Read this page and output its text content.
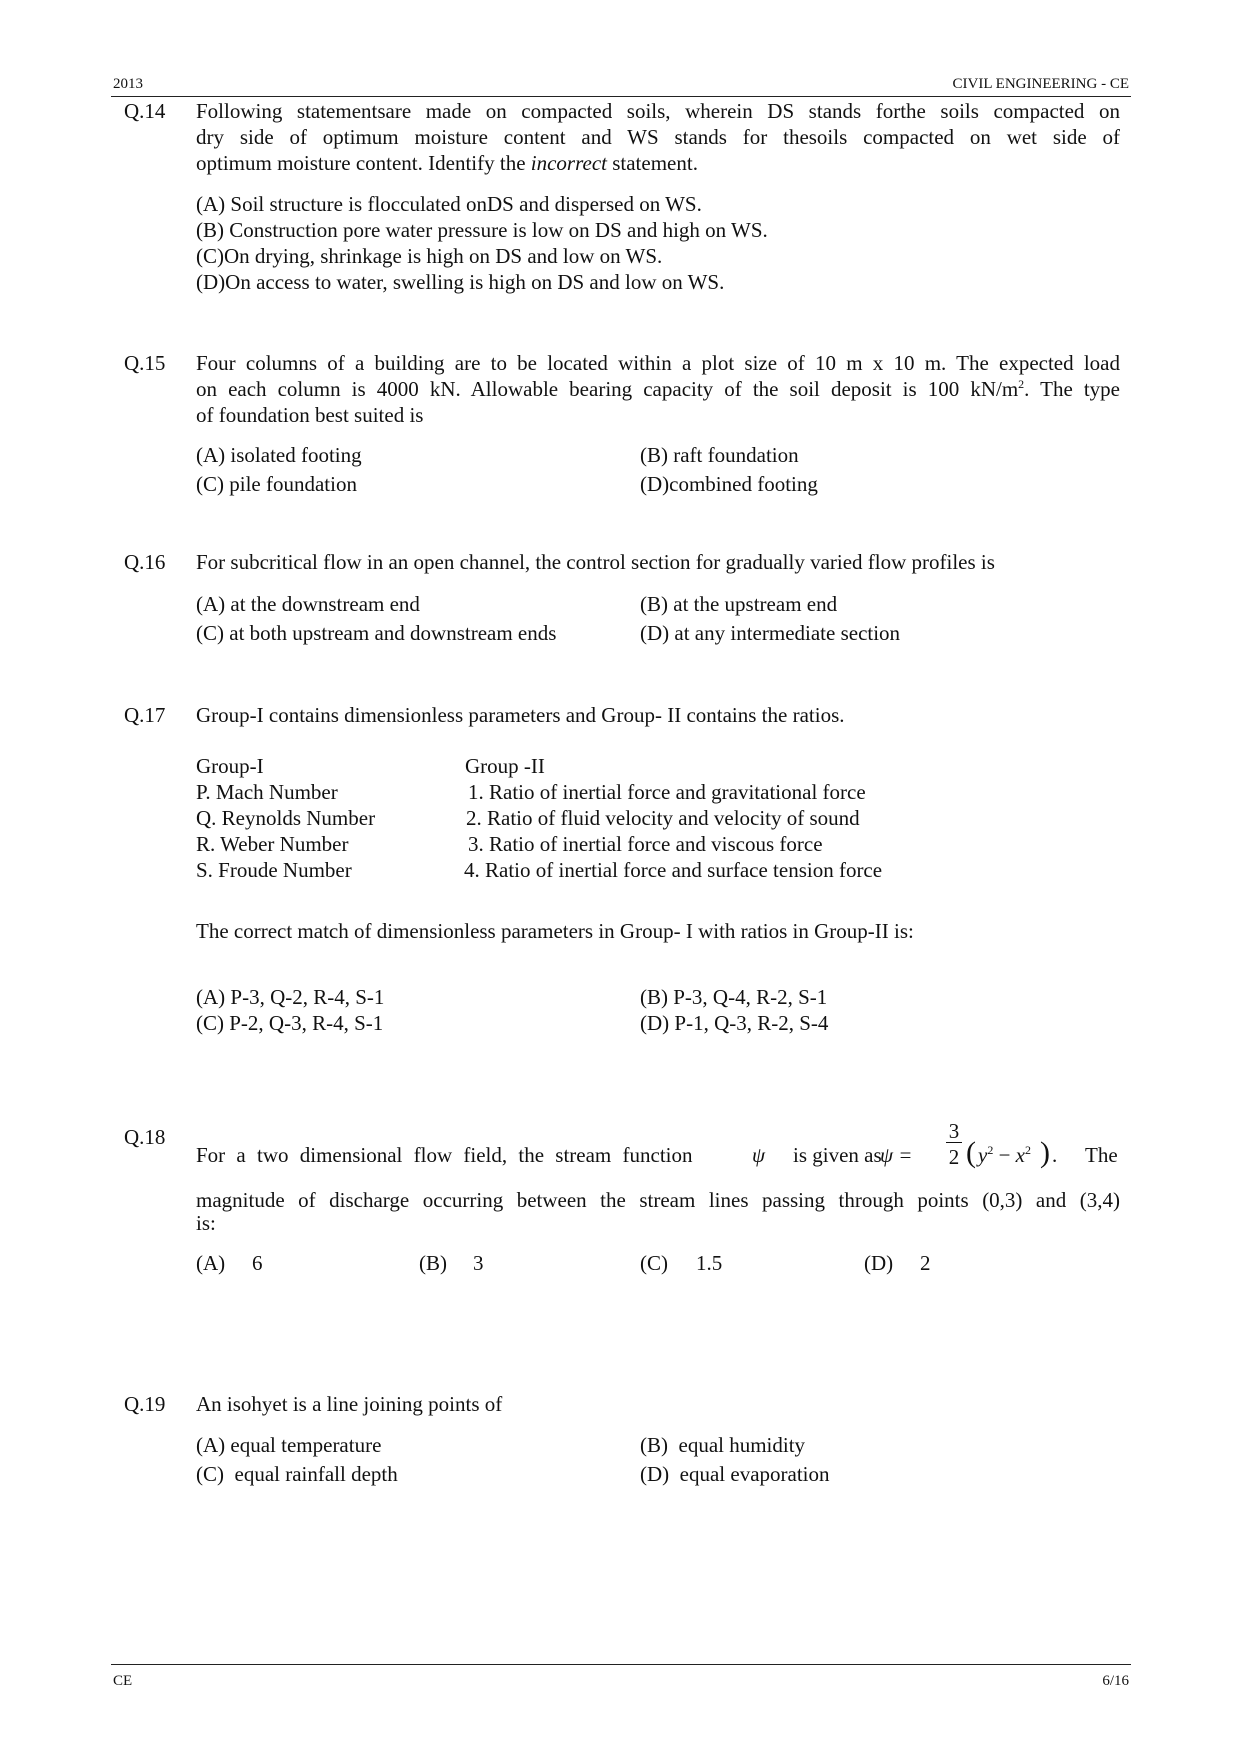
2013	CIVIL ENGINEERING - CE
Q.14 Following statementsare made on compacted soils, wherein DS stands forthe soils compacted on
dry side of optimum moisture content and WS stands for thesoils compacted on wet side of
optimum moisture content. Identify the incorrect statement.
(A) Soil structure is flocculated onDS and dispersed on WS.
(B) Construction pore water pressure is low on DS and high on WS.
(C)On drying, shrinkage is high on DS and low on WS.
(D)On access to water, swelling is high on DS and low on WS.
Q.15 Four columns of a building are to be located within a plot size of 10 m x 10 m. The expected load
on each column is 4000 kN. Allowable bearing capacity of the soil deposit is 100 $kN/m^2$. The type
of foundation best suited is
(A) isolated footing	(B) raft foundation
(C) pile foundation	(D)combined footing
Q.16 For subcritical flow in an open channel, the control section for gradually varied flow profiles is
(A) at the downstream end	(B) at the upstream end
(C) at both upstream and downstream ends	(D) at any intermediate section
Q.17 Group-I contains dimensionless parameters and Group- II contains the ratios.
Group-I	Group -II
P. Mach Number	1. Ratio of inertial force and gravitational force
Q. Reynolds Number	2. Ratio of fluid velocity and velocity of sound
R. Weber Number	3. Ratio of inertial force and viscous force
S. Froude Number	4. Ratio of inertial force and surface tension force
The correct match of dimensionless parameters in Group- I with ratios in Group-II is:
(A) P-3, Q-2, R-4, S-1	(B) P-3, Q-4, R-2, S-1
(C) P-2, Q-3, R-4, S-1	(D) P-1, Q-3, R-2, S-4
Q.18
For a two dimensional flow field, the stream function	ψ is given as
ψ =
3
2 ( $y^2 - x^2$ ) . The
magnitude of discharge occurring between the stream lines passing through points (0,3) and (3,4)
is:
(A) 6	(B) 3	(C) 1.5	(D) 2
Q.19 An isohyet is a line joining points of
(A) equal temperature	(B)  equal humidity
(C)  equal rainfall depth	(D)  equal evaporation
CE	6/16
